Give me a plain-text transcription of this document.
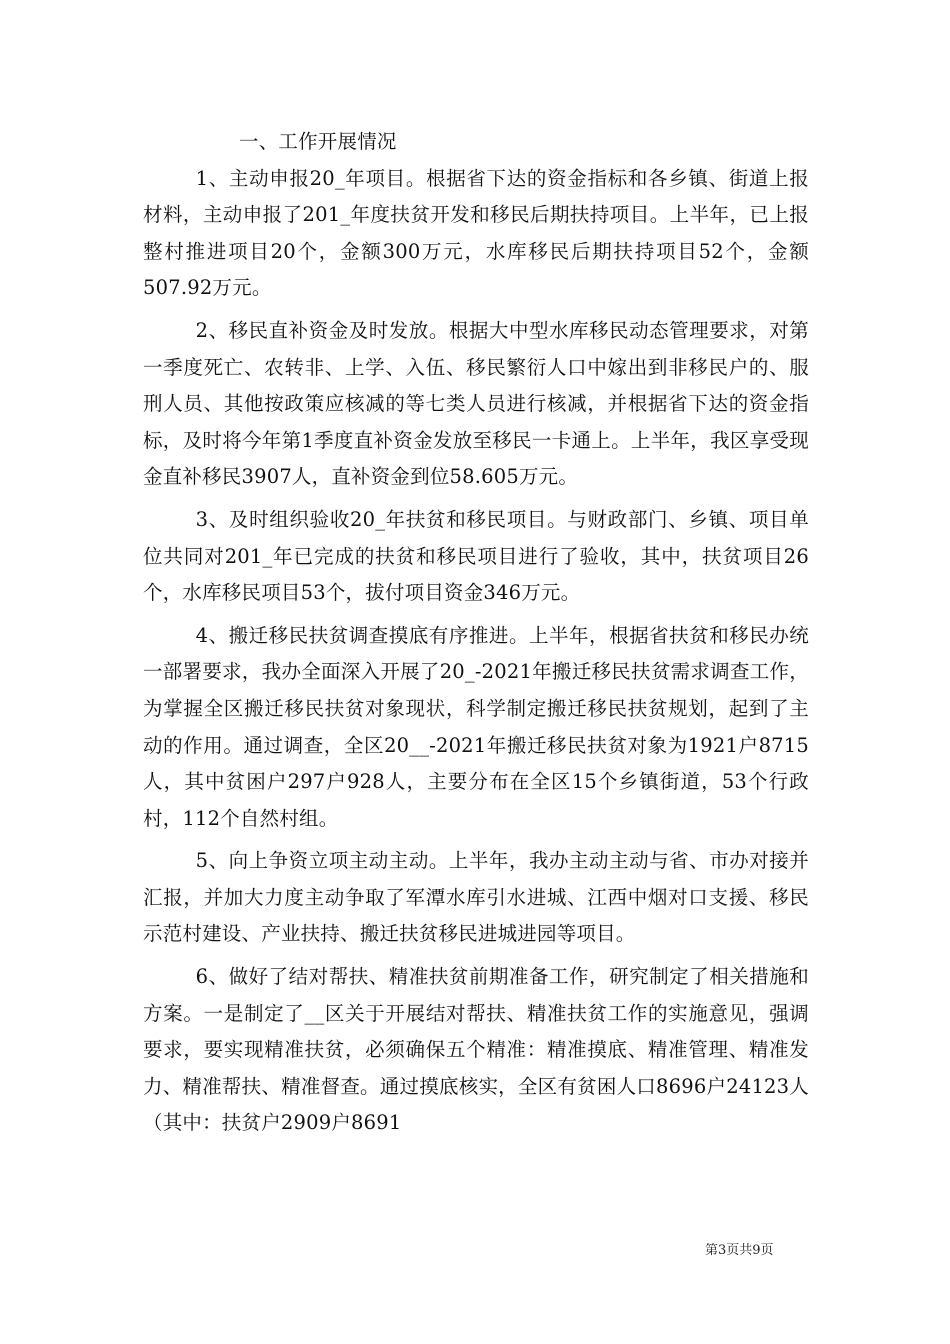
一、工作开展情况

1、主动申报20_年项目。根据省下达的资金指标和各乡镇、街道上报材料，主动申报了201_年度扶贫开发和移民后期扶持项目。上半年，已上报整村推进项目20个，金额300万元，水库移民后期扶持项目52个，金额507.92万元。

2、移民直补资金及时发放。根据大中型水库移民动态管理要求，对第一季度死亡、农转非、上学、入伍、移民繁衍人口中嫁出到非移民户的、服刑人员、其他按政策应核减的等七类人员进行核减，并根据省下达的资金指标，及时将今年第1季度直补资金发放至移民一卡通上。上半年，我区享受现金直补移民3907人，直补资金到位58.605万元。

3、及时组织验收20_年扶贫和移民项目。与财政部门、乡镇、项目单位共同对201_年已完成的扶贫和移民项目进行了验收，其中，扶贫项目26个，水库移民项目53个，拔付项目资金346万元。

4、搬迁移民扶贫调查摸底有序推进。上半年，根据省扶贫和移民办统一部署要求，我办全面深入开展了20_-2021年搬迁移民扶贫需求调查工作，为掌握全区搬迁移民扶贫对象现状，科学制定搬迁移民扶贫规划，起到了主动的作用。通过调查，全区20__-2021年搬迁移民扶贫对象为1921户8715人，其中贫困户297户928人，主要分布在全区15个乡镇街道，53个行政村，112个自然村组。

5、向上争资立项主动主动。上半年，我办主动主动与省、市办对接并汇报，并加大力度主动争取了军潭水库引水进城、江西中烟对口支援、移民示范村建设、产业扶持、搬迁扶贫移民进城进园等项目。

6、做好了结对帮扶、精准扶贫前期准备工作，研究制定了相关措施和方案。一是制定了__区关于开展结对帮扶、精准扶贫工作的实施意见，强调要求，要实现精准扶贫，必须确保五个精准：精准摸底、精准管理、精准发力、精准帮扶、精准督查。通过摸底核实，全区有贫困人口8696户24123人（其中：扶贫户2909户8691

第3页共9页
